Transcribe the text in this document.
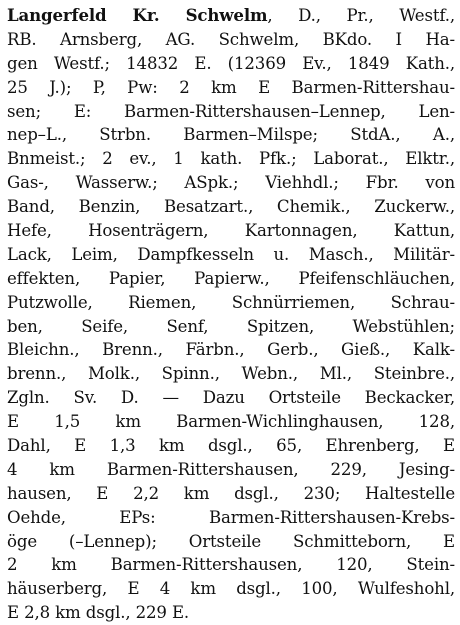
Langerfeld Kr. Schwelm, D., Pr., Westf.,
RB. Arnsberg, AG. Schwelm, BKdo. I Ha-
gen Westf.; 14832 E. (12369 Ev., 1849 Kath.,
25 J.); P, Pw: 2 km E Barmen-Rittershau-
sen; E: Barmen-Rittershausen–Lennep, Len-
nep–L., Strbn. Barmen–Milspe; StdA., A.,
Bnmeist.; 2 ev., 1 kath. Pfk.; Laborat., Elktr.,
Gas-, Wasserw.; ASpk.; Viehhdl.; Fbr. von
Band, Benzin, Besatzart., Chemik., Zuckerw.,
Hefe, Hosenträgern, Kartonnagen, Kattun,
Lack, Leim, Dampfkesseln u. Masch., Militär-
effekten, Papier, Papierw., Pfeifenschläuchen,
Putzwolle, Riemen, Schnürriemen, Schrau-
ben, Seife, Senf, Spitzen, Webstühlen;
Bleichn., Brenn., Färbn., Gerb., Gieß., Kalk-
brenn., Molk., Spinn., Webn., Ml., Steinbre.,
Zgln. Sv. D. — Dazu Ortsteile Beckacker,
E 1,5 km Barmen-Wichlinghausen, 128,
Dahl, E 1,3 km dsgl., 65, Ehrenberg, E
4 km Barmen-Rittershausen, 229, Jesing-
hausen, E 2,2 km dsgl., 230; Haltestelle
Oehde, EPs: Barmen-Rittershausen-Krebs-
öge (–Lennep); Ortsteile Schmitteborn, E
2 km Barmen-Rittershausen, 120, Stein-
häuserberg, E 4 km dsgl., 100, Wulfeshohl,
E 2,8 km dsgl., 229 E.
